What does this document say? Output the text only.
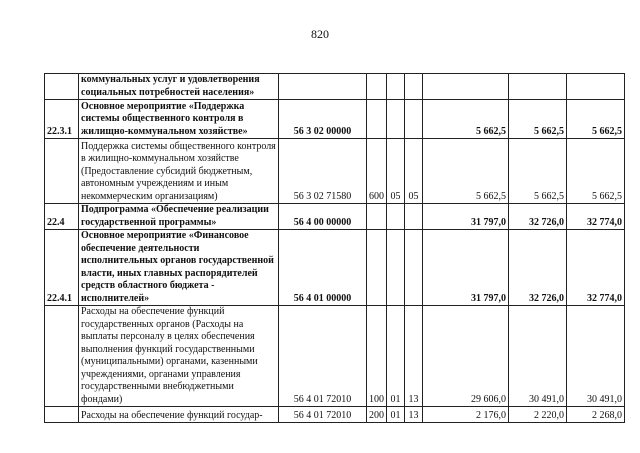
820
	коммунальных услуг и удовлетворения социальных потребностей населения»							
22.3.1	Основное мероприятие «Поддержка системы общественного контроля в жилищно-коммунальном хозяйстве»	56 3 02 00000				5 662,5	5 662,5	5 662,5
	Поддержка системы общественного контроля в жилищно-коммунальном хозяйстве (Предоставление субсидий бюджетным, автономным учреждениям и иным некоммерческим организациям)	56 3 02 71580	600	05	05	5 662,5	5 662,5	5 662,5
22.4	Подпрограмма «Обеспечение реализации государственной программы»	56 4 00 00000				31 797,0	32 726,0	32 774,0
22.4.1	Основное мероприятие «Финансовое обеспечение деятельности исполнительных органов государственной власти, иных главных распорядителей средств областного бюджета - исполнителей»	56 4 01 00000				31 797,0	32 726,0	32 774,0
	Расходы на обеспечение функций государственных органов (Расходы на выплаты персоналу в целях обеспечения выполнения функций государственными (муниципальными) органами, казенными учреждениями, органами управления государственными внебюджетными фондами)	56 4 01 72010	100	01	13	29 606,0	30 491,0	30 491,0
	Расходы на обеспечение функций государ-	56 4 01 72010	200	01	13	2 176,0	2 220,0	2 268,0
